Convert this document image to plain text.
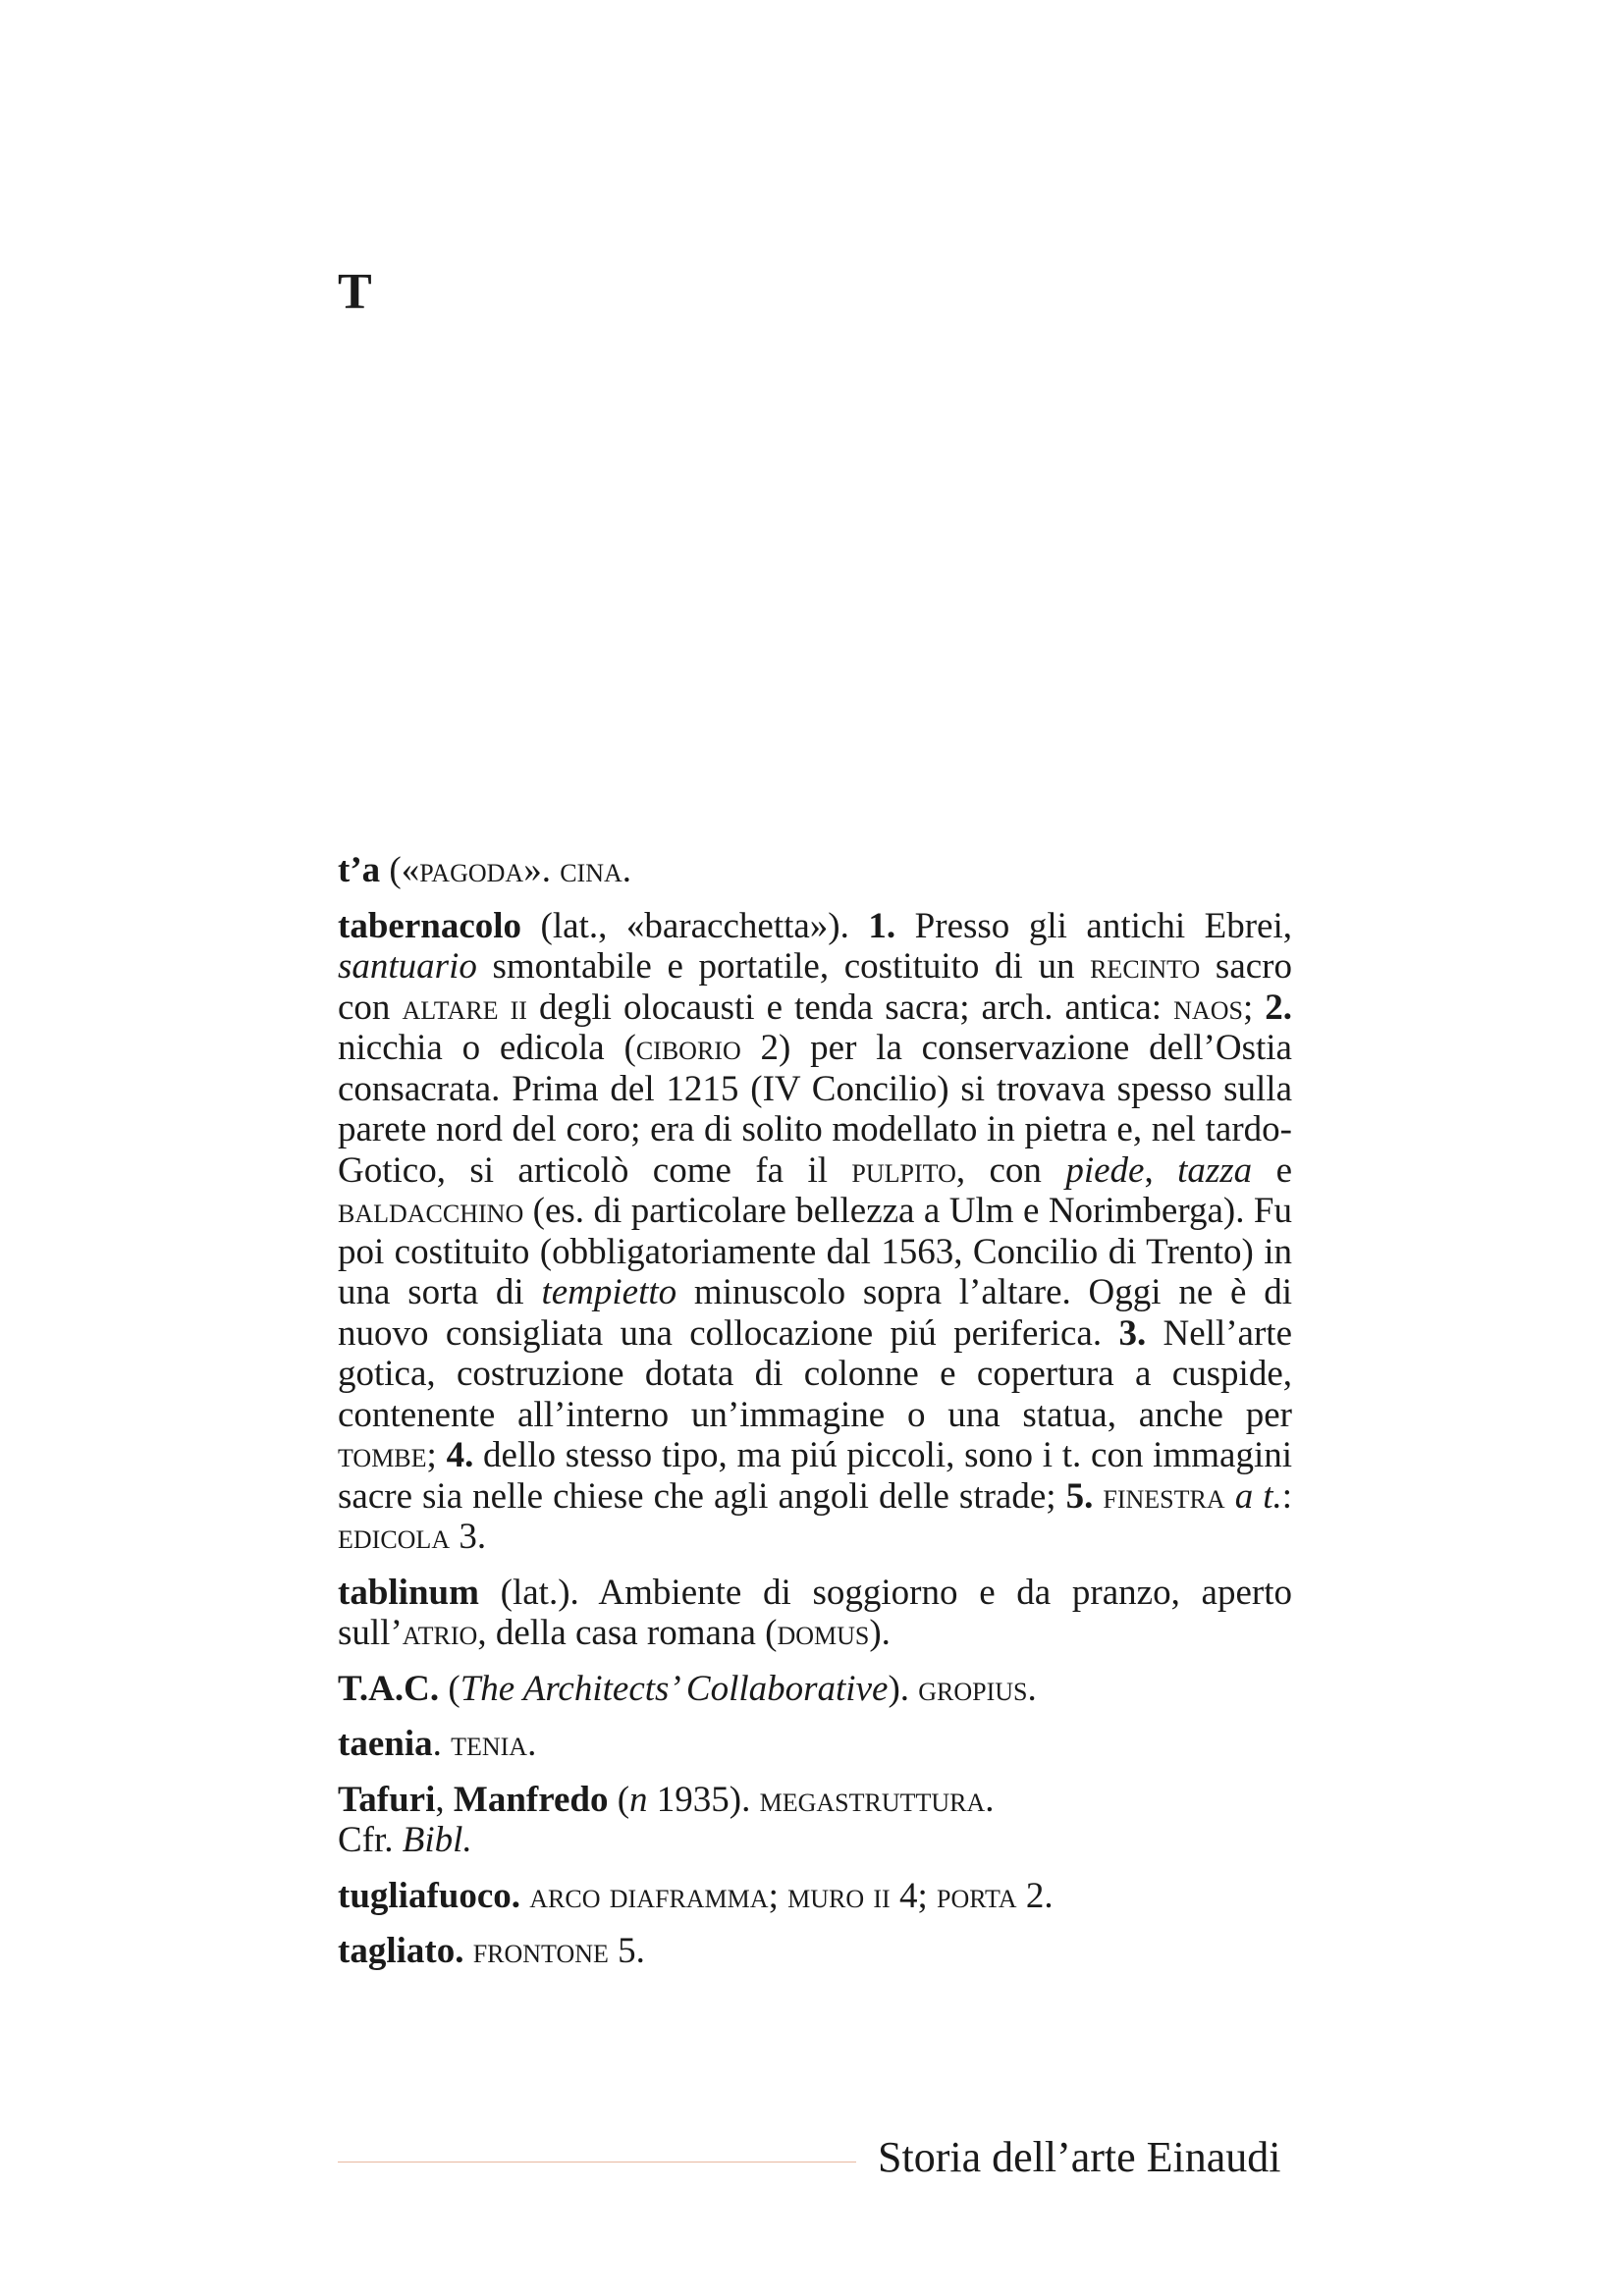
T

t’a («pagoda». cina.

tabernacolo (lat., «baracchetta»). 1. Presso gli antichi Ebrei, santuario smontabile e portatile, costituito di un recinto sacro con altare ii degli olocausti e tenda sacra; arch. antica: naos; 2. nicchia o edicola (ciborio 2) per la conservazione dell’Ostia consacrata. Prima del 1215 (IV Concilio) si trovava spesso sulla parete nord del coro; era di solito modellato in pietra e, nel tardo-Gotico, si articolò come fa il pulpito, con piede, tazza e baldacchino (es. di particolare bellezza a Ulm e Norimberga). Fu poi costituito (obbligatoriamente dal 1563, Concilio di Trento) in una sorta di tempietto minuscolo sopra l’altare. Oggi ne è di nuovo consigliata una collocazione piú periferica. 3. Nell’arte gotica, costruzione dotata di colonne e copertura a cuspide, contenente all’interno un’immagine o una statua, anche per tombe; 4. dello stesso tipo, ma piú piccoli, sono i t. con immagini sacre sia nelle chiese che agli angoli delle strade; 5. finestra a t.: edicola 3.

tablinum (lat.). Ambiente di soggiorno e da pranzo, aperto sull’atrio, della casa romana (domus).

T.A.C. (The Architects’ Collaborative). gropius.

taenia. tenia.

Tafuri, Manfredo (n 1935). megastruttura.

Cfr. Bibl.

tugliafuoco. arco diaframma; muro ii 4; porta 2.

tagliato. frontone 5.

Storia dell’arte Einaudi
